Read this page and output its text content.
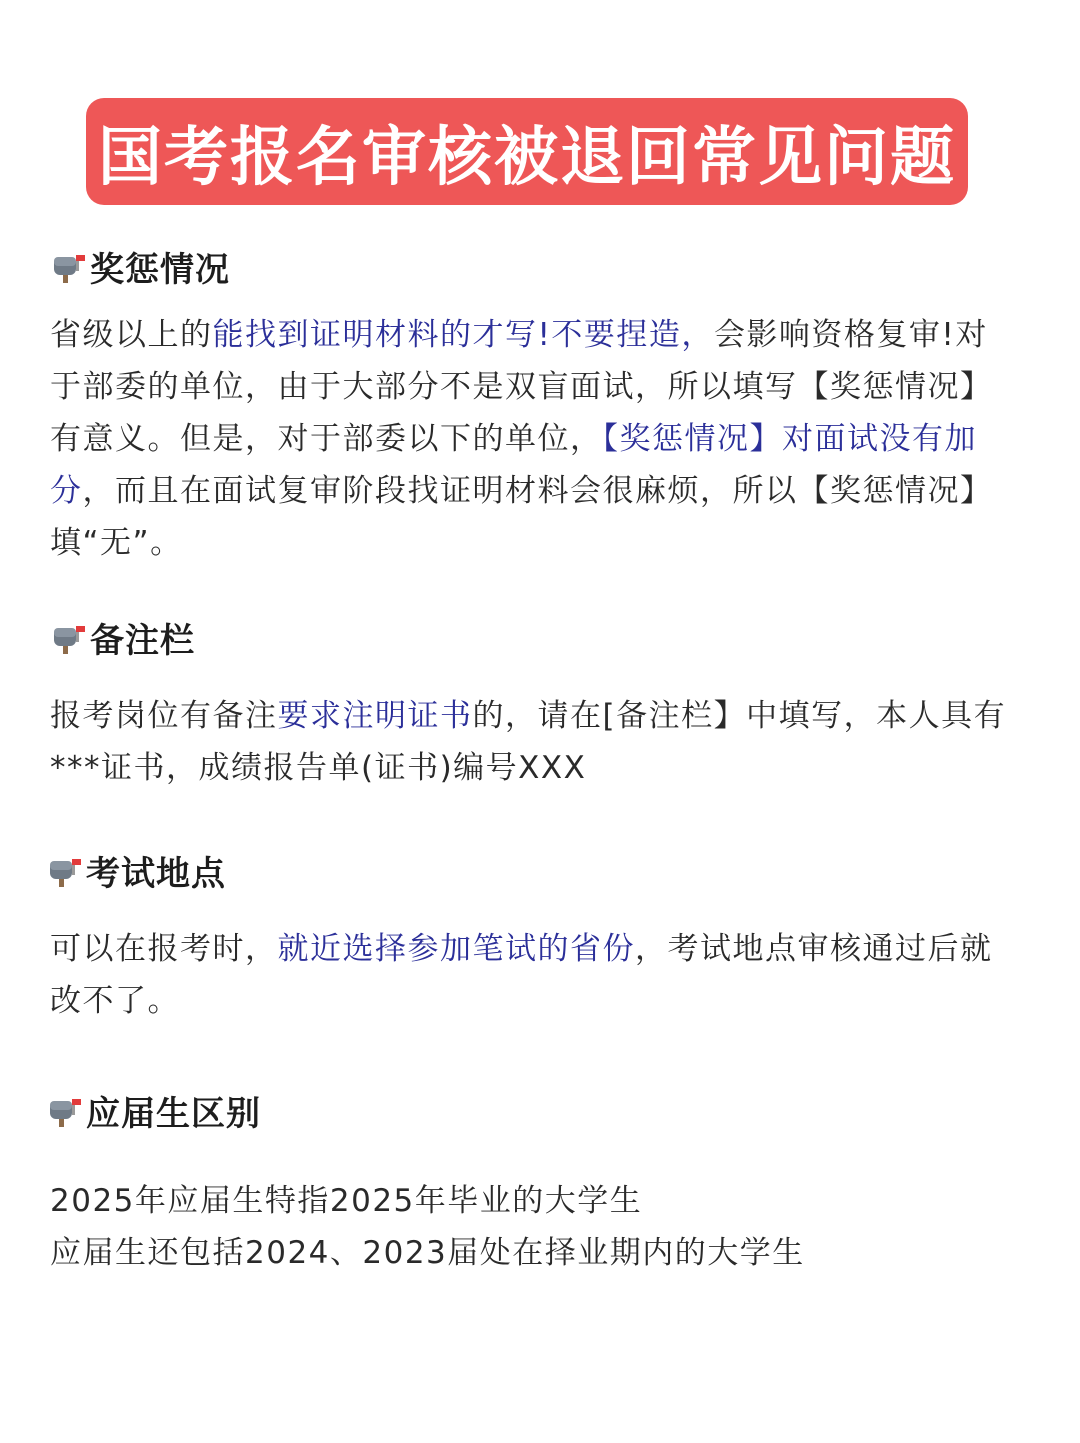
国考报名审核被退回常见问题
奖惩情况

省级以上的能找到证明材料的才写!不要捏造，会影响资格复审!对于部委的单位，由于大部分不是双盲面试，所以填写【奖惩情况】有意义。但是，对于部委以下的单位，【奖惩情况】对面试没有加分，而且在面试复审阶段找证明材料会很麻烦，所以【奖惩情况】填“无”。

备注栏

报考岗位有备注要求注明证书的，请在[备注栏】中填写，本人具有***证书，成绩报告单(证书)编号XXX

考试地点

可以在报考时，就近选择参加笔试的省份，考试地点审核通过后就改不了。

应届生区别

2025年应届生特指2025年毕业的大学生
应届生还包括2024、2023届处在择业期内的大学生
